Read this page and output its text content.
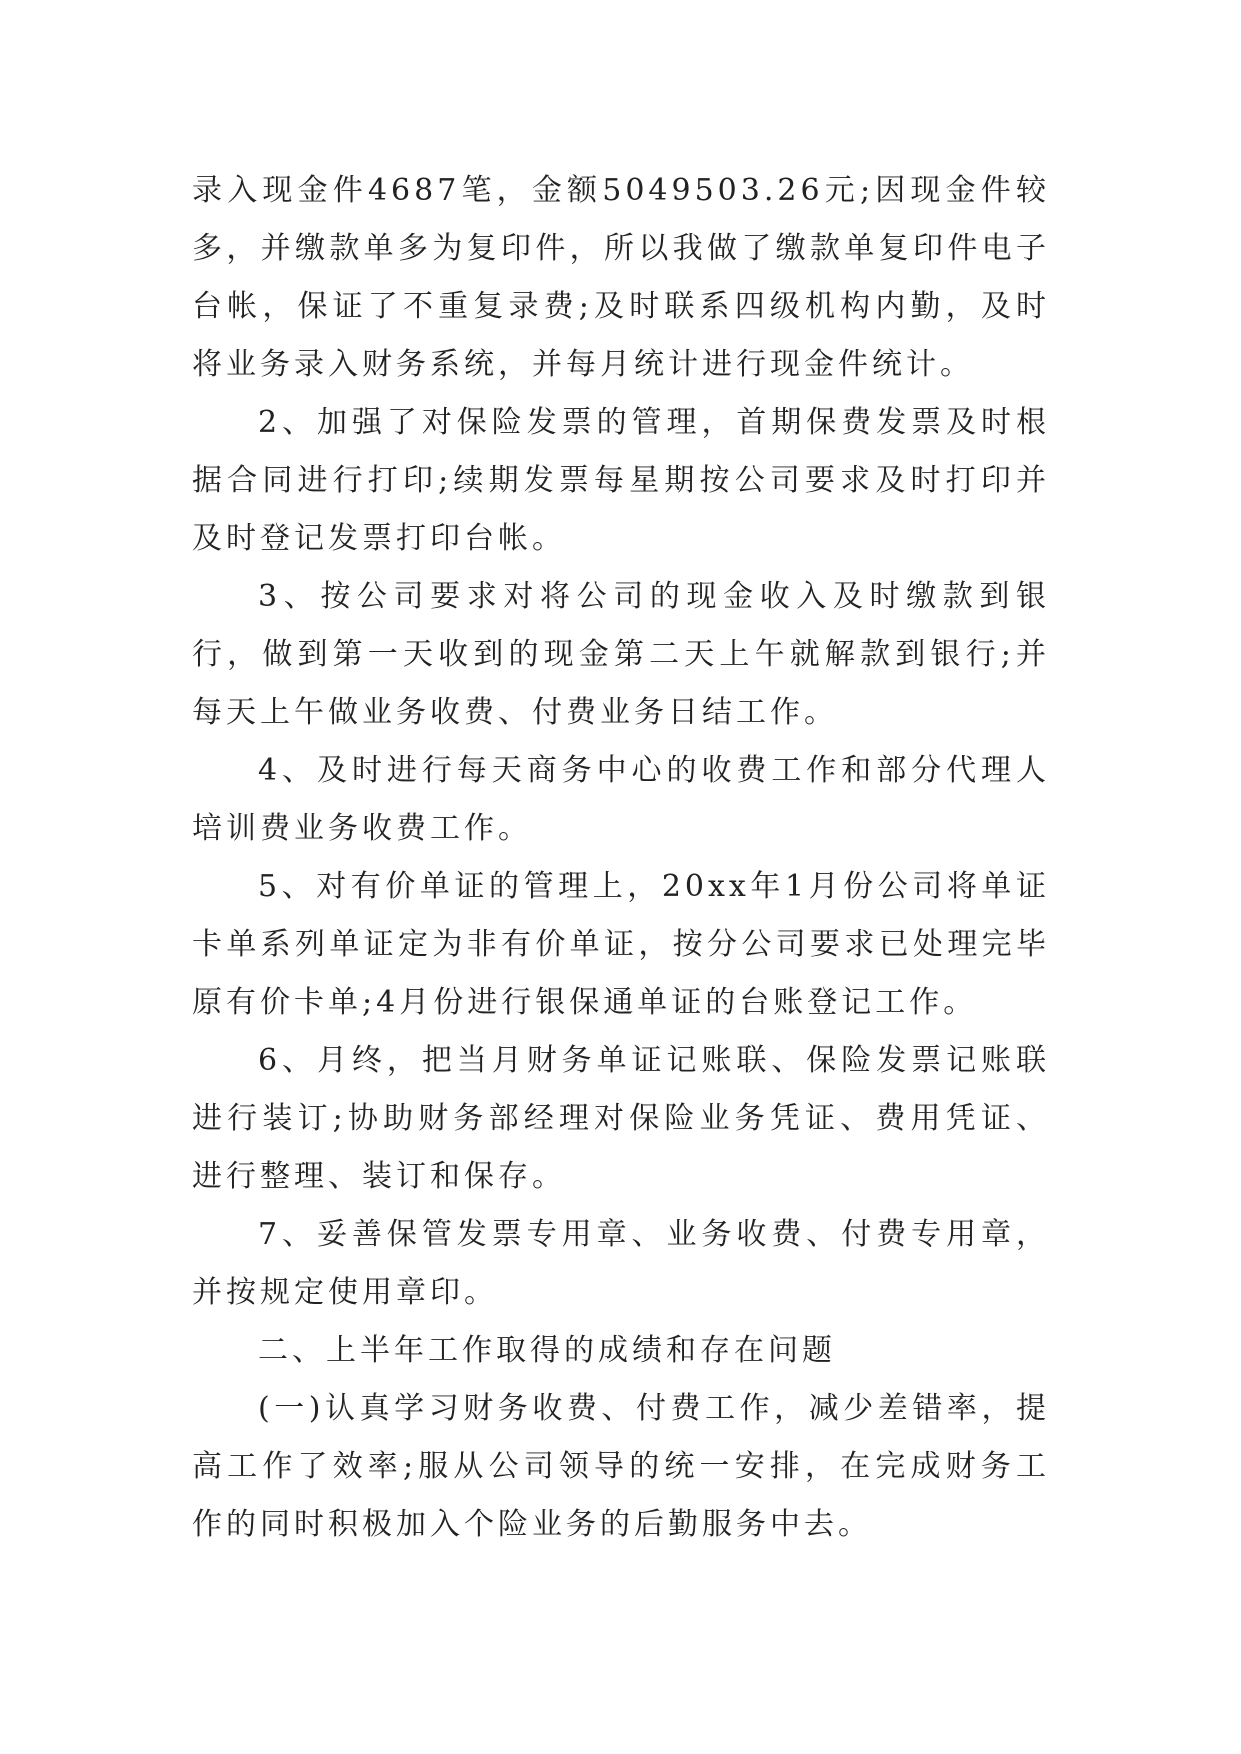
录入现金件4687笔，金额5049503.26元;因现金件较多，并缴款单多为复印件，所以我做了缴款单复印件电子台帐，保证了不重复录费;及时联系四级机构内勤，及时将业务录入财务系统，并每月统计进行现金件统计。

2、加强了对保险发票的管理，首期保费发票及时根据合同进行打印;续期发票每星期按公司要求及时打印并及时登记发票打印台帐。

3、按公司要求对将公司的现金收入及时缴款到银行，做到第一天收到的现金第二天上午就解款到银行;并每天上午做业务收费、付费业务日结工作。

4、及时进行每天商务中心的收费工作和部分代理人培训费业务收费工作。

5、对有价单证的管理上，20xx年1月份公司将单证卡单系列单证定为非有价单证，按分公司要求已处理完毕原有价卡单;4月份进行银保通单证的台账登记工作。

6、月终，把当月财务单证记账联、保险发票记账联进行装订;协助财务部经理对保险业务凭证、费用凭证、进行整理、装订和保存。

7、妥善保管发票专用章、业务收费、付费专用章，并按规定使用章印。

二、上半年工作取得的成绩和存在问题

(一)认真学习财务收费、付费工作，减少差错率，提高工作了效率;服从公司领导的统一安排，在完成财务工作的同时积极加入个险业务的后勤服务中去。
